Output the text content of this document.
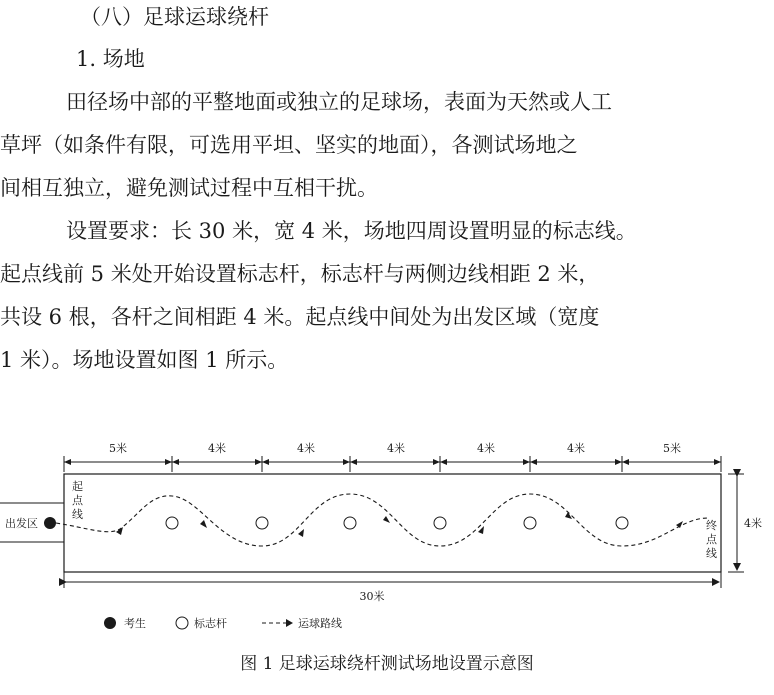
（八）足球运球绕杆
1. 场地
田径场中部的平整地面或独立的足球场，表面为天然或人工
草坪（如条件有限，可选用平坦、坚实的地面），各测试场地之
间相互独立，避免测试过程中互相干扰。
设置要求：长 30 米，宽 4 米，场地四周设置明显的标志线。
起点线前 5 米处开始设置标志杆，标志杆与两侧边线相距 2 米，
共设 6 根，各杆之间相距 4 米。起点线中间处为出发区域（宽度
1 米）。场地设置如图 1 所示。
5米	4米	4米	4米	4米	4米	5米
起
点
线
终
点
线
出发区	4米
30米
考生	标志杆	运球路线
图 1 足球运球绕杆测试场地设置示意图
